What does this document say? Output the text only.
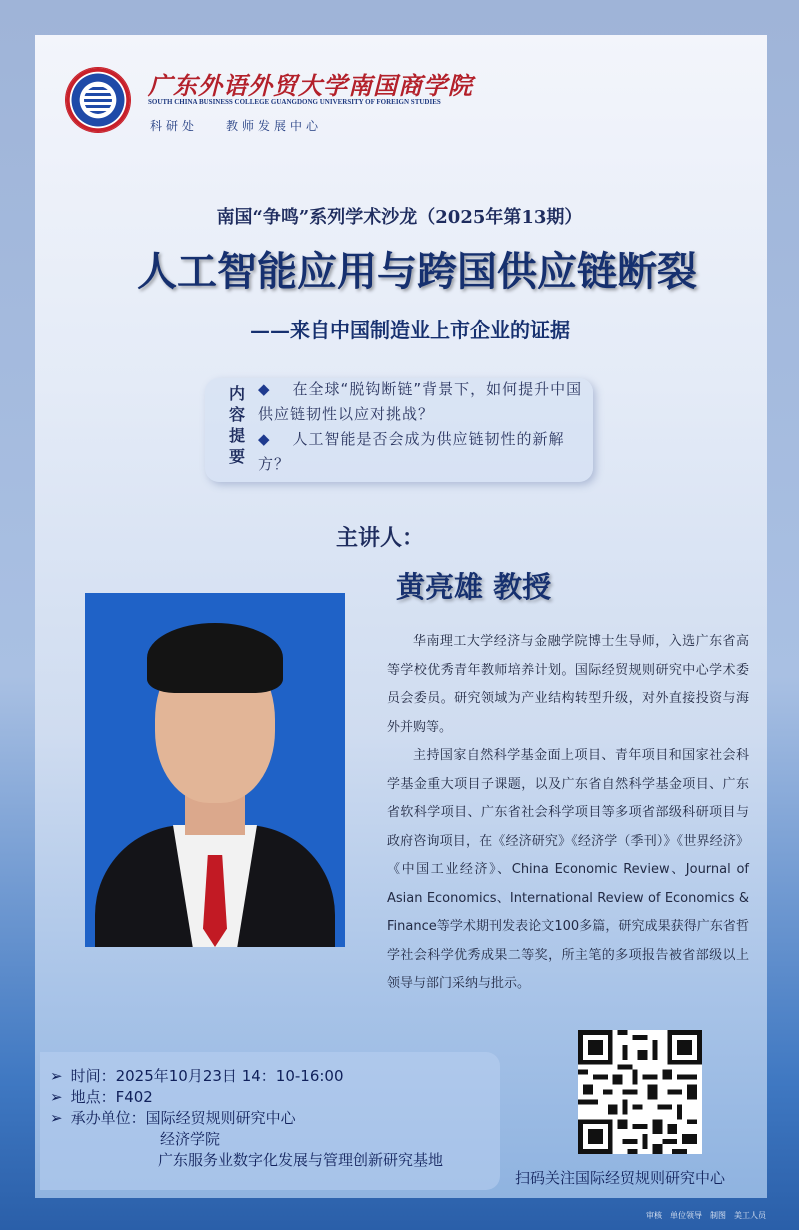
广东外语外贸大学南国商学院
SOUTH CHINA BUSINESS COLLEGE GUANGDONG UNIVERSITY OF FOREIGN STUDIES
科研处 教师发展中心
南国“争鸣”系列学术沙龙（2025年第13期）
人工智能应用与跨国供应链断裂
——来自中国制造业上市企业的证据
内容提要

◆ 在全球“脱钩断链”背景下，如何提升中国供应链韧性以应对挑战？

◆ 人工智能是否会成为供应链韧性的新解方？

主讲人：
黄亮雄 教授

华南理工大学经济与金融学院博士生导师，入选广东省高等学校优秀青年教师培养计划。国际经贸规则研究中心学术委员会委员。研究领域为产业结构转型升级，对外直接投资与海外并购等。

主持国家自然科学基金面上项目、青年项目和国家社会科学基金重大项目子课题，以及广东省自然科学基金项目、广东省软科学项目、广东省社会科学项目等多项省部级科研项目与政府咨询项目，在《经济研究》《经济学（季刊）》《世界经济》《中国工业经济》、China Economic Review、Journal of Asian Economics、International Review of Economics & Finance等学术期刊发表论文100多篇，研究成果获得广东省哲学社会科学优秀成果二等奖，所主笔的多项报告被省部级以上领导与部门采纳与批示。

➢ 时间：2025年10月23日 14：10-16:00
➢ 地点：F402
➢ 承办单位：国际经贸规则研究中心
经济学院
广东服务业数字化发展与管理创新研究基地
扫码关注国际经贸规则研究中心
审核 单位领导 制图 美工人员
